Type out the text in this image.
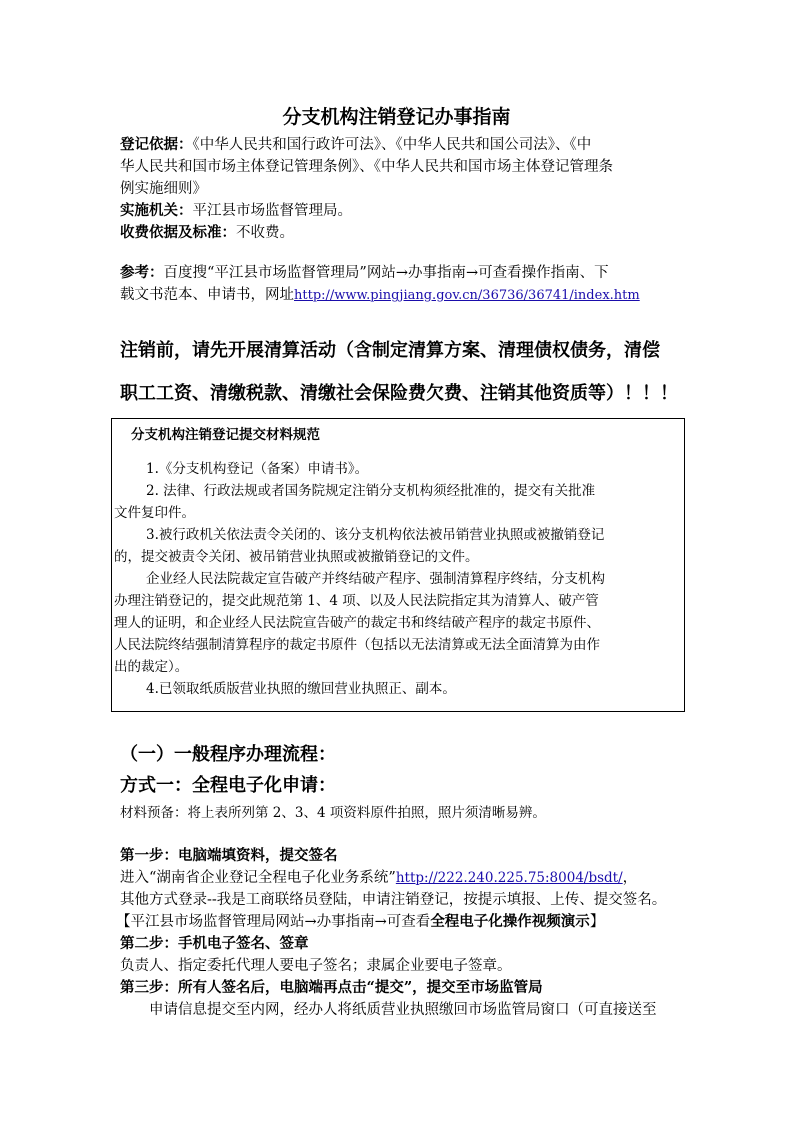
分支机构注销登记办事指南
登记依据：《中华人民共和国行政许可法》、《中华人民共和国公司法》、《中
华人民共和国市场主体登记管理条例》、《中华人民共和国市场主体登记管理条
例实施细则》
实施机关：平江县市场监督管理局。
收费依据及标准：不收费。
参考：百度搜“平江县市场监督管理局”网站→办事指南→可查看操作指南、下
载文书范本、申请书，网址http://www.pingjiang.gov.cn/36736/36741/index.htm
注销前，请先开展清算活动（含制定清算方案、清理债权债务，清偿
职工工资、清缴税款、清缴社会保险费欠费、注销其他资质等）！！！
分支机构注销登记提交材料规范
1.《分支机构登记（备案）申请书》。
2. 法律、行政法规或者国务院规定注销分支机构须经批准的，提交有关批准
文件复印件。
3.被行政机关依法责令关闭的、该分支机构依法被吊销营业执照或被撤销登记
的，提交被责令关闭、被吊销营业执照或被撤销登记的文件。
企业经人民法院裁定宣告破产并终结破产程序、强制清算程序终结，分支机构
办理注销登记的，提交此规范第 1、4 项、以及人民法院指定其为清算人、破产管
理人的证明，和企业经人民法院宣告破产的裁定书和终结破产程序的裁定书原件、
人民法院终结强制清算程序的裁定书原件（包括以无法清算或无法全面清算为由作
出的裁定）。
4.已领取纸质版营业执照的缴回营业执照正、副本。
（一）一般程序办理流程：
方式一：全程电子化申请：
材料预备：将上表所列第 2、3、4 项资料原件拍照，照片须清晰易辨。
第一步：电脑端填资料，提交签名
进入“湖南省企业登记全程电子化业务系统”http://222.240.225.75:8004/bsdt/，
其他方式登录--我是工商联络员登陆，申请注销登记，按提示填报、上传、提交签名。
【平江县市场监督管理局网站→办事指南→可查看全程电子化操作视频演示】
第二步：手机电子签名、签章
负责人、指定委托代理人要电子签名；隶属企业要电子签章。
第三步：所有人签名后，电脑端再点击“提交”，提交至市场监管局
申请信息提交至内网，经办人将纸质营业执照缴回市场监管局窗口（可直接送至
